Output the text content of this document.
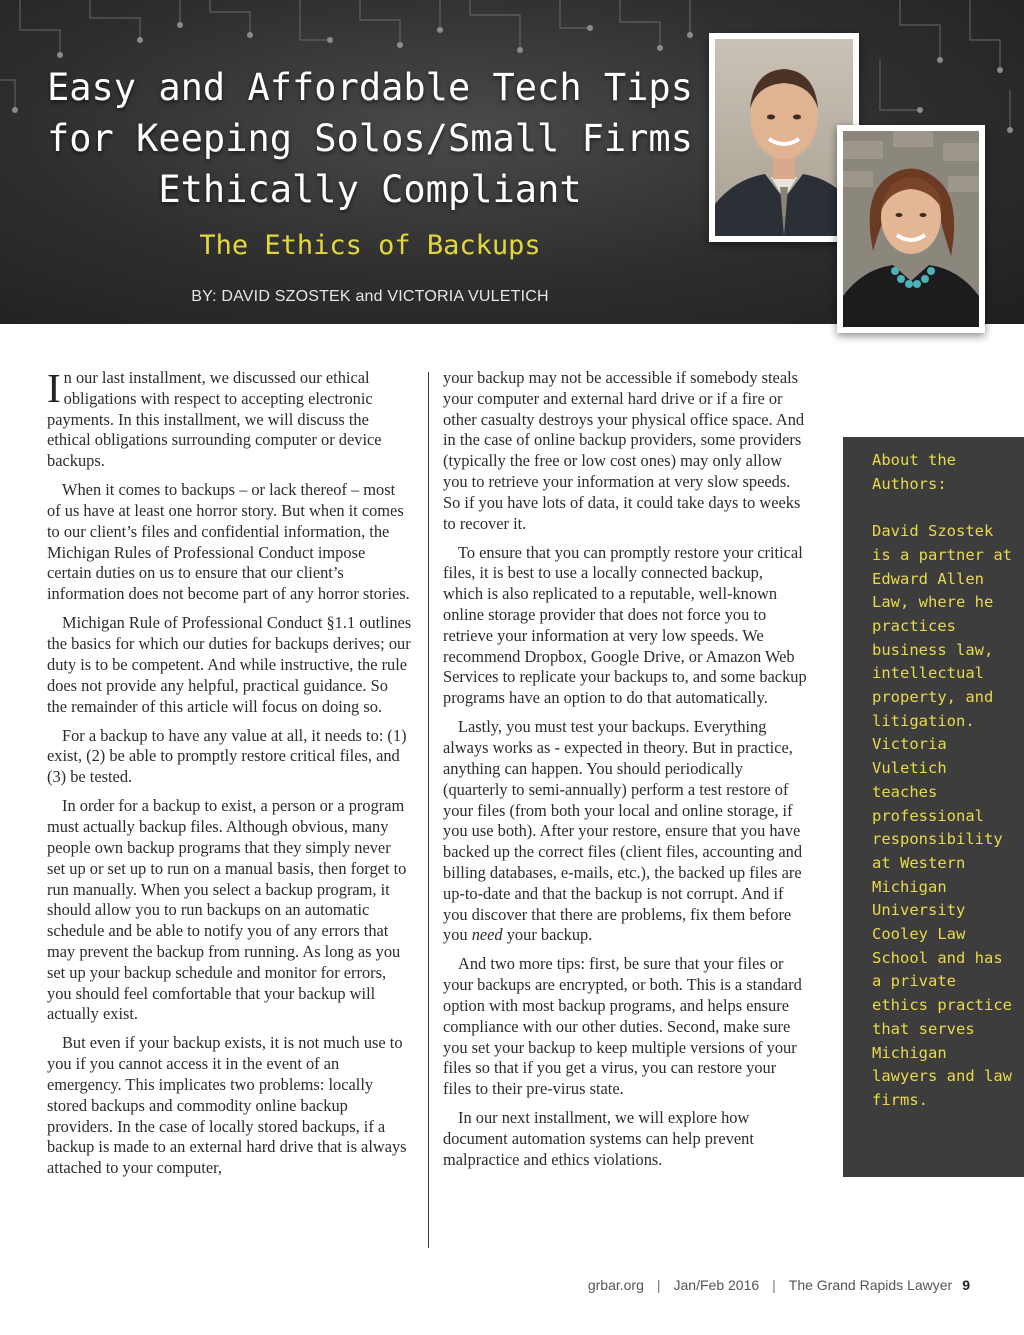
Easy and Affordable Tech Tips
for Keeping Solos/Small Firms
Ethically Compliant
The Ethics of Backups
BY: DAVID SZOSTEK and VICTORIA VULETICH

In our last installment, we discussed our ethical obligations with respect to accepting electronic payments. In this installment, we will discuss the ethical obligations surrounding computer or device backups.

When it comes to backups – or lack thereof – most of us have at least one horror story. But when it comes to our client’s files and confidential information, the Michigan Rules of Professional Conduct impose certain duties on us to ensure that our client’s information does not become part of any horror stories.

Michigan Rule of Professional Conduct §1.1 outlines the basics for which our duties for backups derives; our duty is to be competent. And while instructive, the rule does not provide any helpful, practical guidance. So the remainder of this article will focus on doing so.

For a backup to have any value at all, it needs to: (1) exist, (2) be able to promptly restore critical files, and (3) be tested.

In order for a backup to exist, a person or a program must actually backup files. Although obvious, many people own backup programs that they simply never set up or set up to run on a manual basis, then forget to run manually. When you select a backup program, it should allow you to run backups on an automatic schedule and be able to notify you of any errors that may prevent the backup from running. As long as you set up your backup schedule and monitor for errors, you should feel comfortable that your backup will actually exist.

But even if your backup exists, it is not much use to you if you cannot access it in the event of an emergency. This implicates two problems: locally stored backups and commodity online backup providers. In the case of locally stored backups, if a backup is made to an external hard drive that is always attached to your computer,

your backup may not be accessible if somebody steals your computer and external hard drive or if a fire or other casualty destroys your physical office space. And in the case of online backup providers, some providers (typically the free or low cost ones) may only allow you to retrieve your information at very slow speeds. So if you have lots of data, it could take days to weeks to recover it.

To ensure that you can promptly restore your critical files, it is best to use a locally connected backup, which is also replicated to a reputable, well-known online storage provider that does not force you to retrieve your information at very low speeds. We recommend Dropbox, Google Drive, or Amazon Web Services to replicate your backups to, and some backup programs have an option to do that automatically.

Lastly, you must test your backups. Everything always works as - expected in theory. But in practice, anything can happen. You should periodically (quarterly to semi-annually) perform a test restore of your files (from both your local and online storage, if you use both). After your restore, ensure that you have backed up the correct files (client files, accounting and billing databases, e-mails, etc.), the backed up files are up-to-date and that the backup is not corrupt. And if you discover that there are problems, fix them before you need your backup.

And two more tips: first, be sure that your files or your backups are encrypted, or both. This is a standard option with most backup programs, and helps ensure compliance with our other duties. Second, make sure you set your backup to keep multiple versions of your files so that if you get a virus, you can restore your files to their pre-virus state.

In our next installment, we will explore how document automation systems can help prevent malpractice and ethics violations.

About the Authors:
David Szostek is a partner at Edward Allen Law, where he practices business law, intellectual property, and litigation. Victoria Vuletich teaches professional responsibility at Western Michigan University Cooley Law School and has a private ethics practice that serves Michigan lawyers and law firms.
grbar.org | Jan/Feb 2016 | The Grand Rapids Lawyer 9
